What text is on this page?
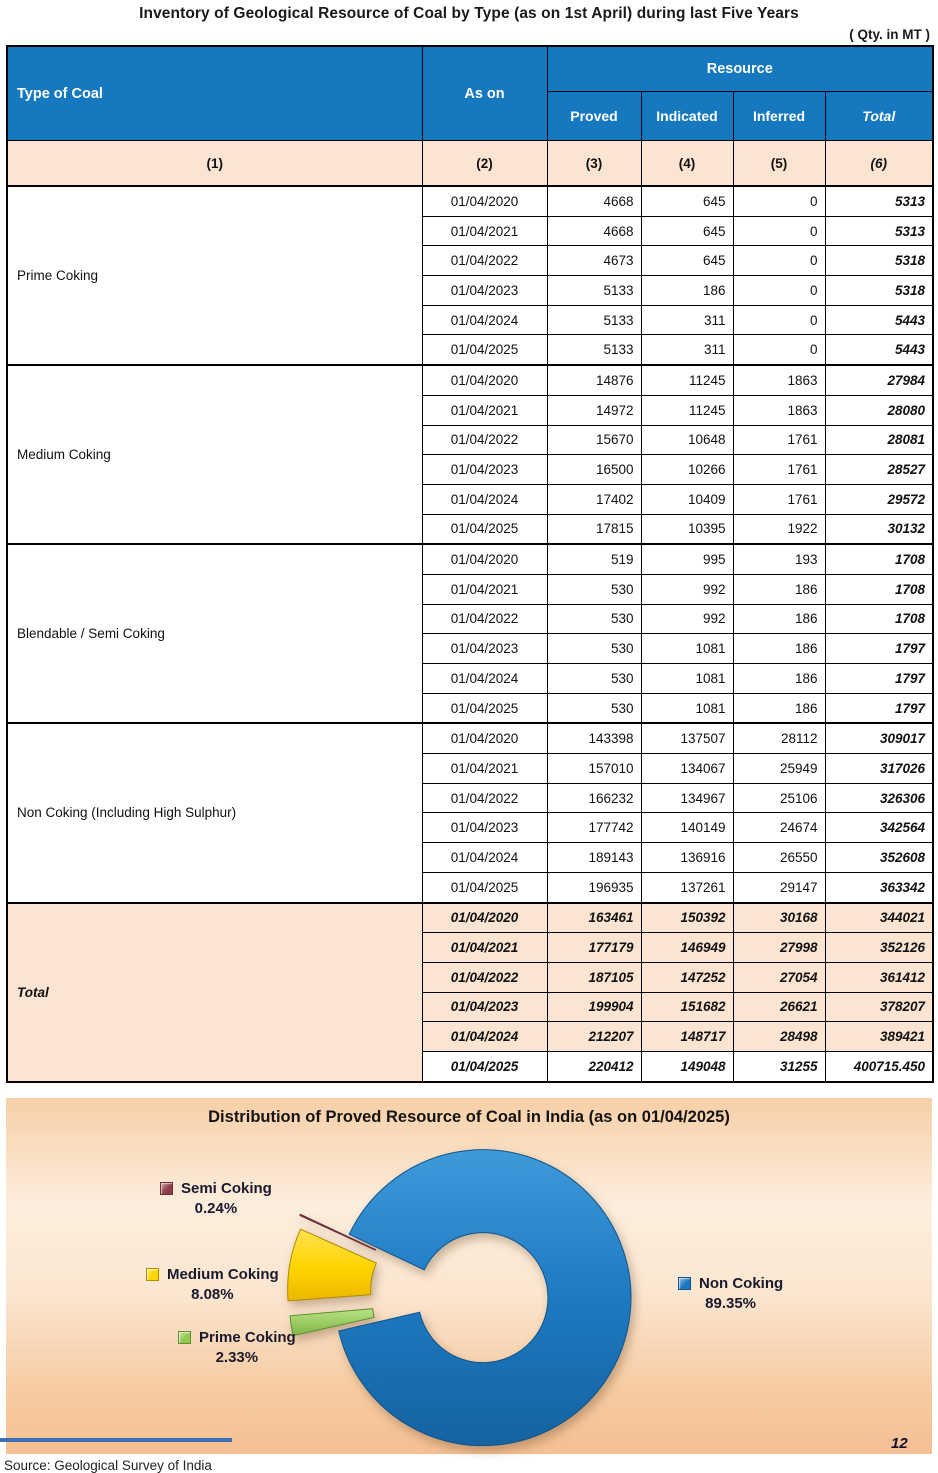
Inventory of Geological Resource of Coal by Type (as on 1st April) during last Five Years
( Qty. in MT )
Type of Coal	As on	Resource			
		Proved	Indicated	Inferred	Total
(1)	(2)	(3)	(4)	(5)	(6)
Prime Coking	01/04/2020	4668	645	0	5313
	01/04/2021	4668	645	0	5313
	01/04/2022	4673	645	0	5318
	01/04/2023	5133	186	0	5318
	01/04/2024	5133	311	0	5443
	01/04/2025	5133	311	0	5443
Medium Coking	01/04/2020	14876	11245	1863	27984
	01/04/2021	14972	11245	1863	28080
	01/04/2022	15670	10648	1761	28081
	01/04/2023	16500	10266	1761	28527
	01/04/2024	17402	10409	1761	29572
	01/04/2025	17815	10395	1922	30132
Blendable / Semi Coking	01/04/2020	519	995	193	1708
	01/04/2021	530	992	186	1708
	01/04/2022	530	992	186	1708
	01/04/2023	530	1081	186	1797
	01/04/2024	530	1081	186	1797
	01/04/2025	530	1081	186	1797
Non Coking (Including High Sulphur)	01/04/2020	143398	137507	28112	309017
	01/04/2021	157010	134067	25949	317026
	01/04/2022	166232	134967	25106	326306
	01/04/2023	177742	140149	24674	342564
	01/04/2024	189143	136916	26550	352608
	01/04/2025	196935	137261	29147	363342
Total	01/04/2020	163461	150392	30168	344021
	01/04/2021	177179	146949	27998	352126
	01/04/2022	187105	147252	27054	361412
	01/04/2023	199904	151682	26621	378207
	01/04/2024	212207	148717	28498	389421
	01/04/2025	220412	149048	31255	400715.450
Distribution of Proved Resource of Coal in India (as on 01/04/2025)
Semi Coking
0.24%
Medium Coking
8.08%
Prime Coking
2.33%
Non Coking
89.35%
Source: Geological Survey of India
12
